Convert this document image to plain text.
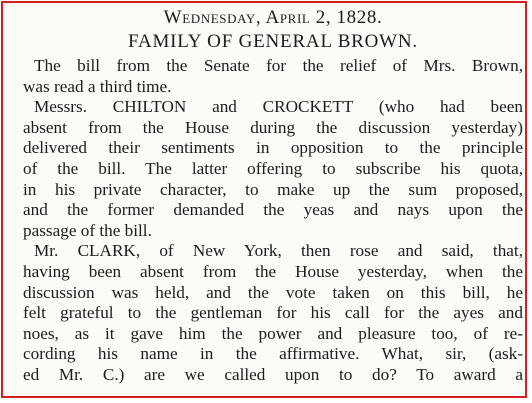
Wednesday, April 2, 1828.
FAMILY OF GENERAL BROWN.
The bill from the Senate for the relief of Mrs. Brown,
was read a third time.
Messrs. CHILTON and CROCKETT (who had been
absent from the House during the discussion yesterday)
delivered their sentiments in opposition to the principle
of the bill. The latter offering to subscribe his quota,
in his private character, to make up the sum proposed,
and the former demanded the yeas and nays upon the
passage of the bill.
Mr. CLARK, of New York, then rose and said, that,
having been absent from the House yesterday, when the
discussion was held, and the vote taken on this bill, he
felt grateful to the gentleman for his call for the ayes and
noes, as it gave him the power and pleasure too, of re-
cording his name in the affirmative. What, sir, (ask-
ed Mr. C.) are we called upon to do? To award a
